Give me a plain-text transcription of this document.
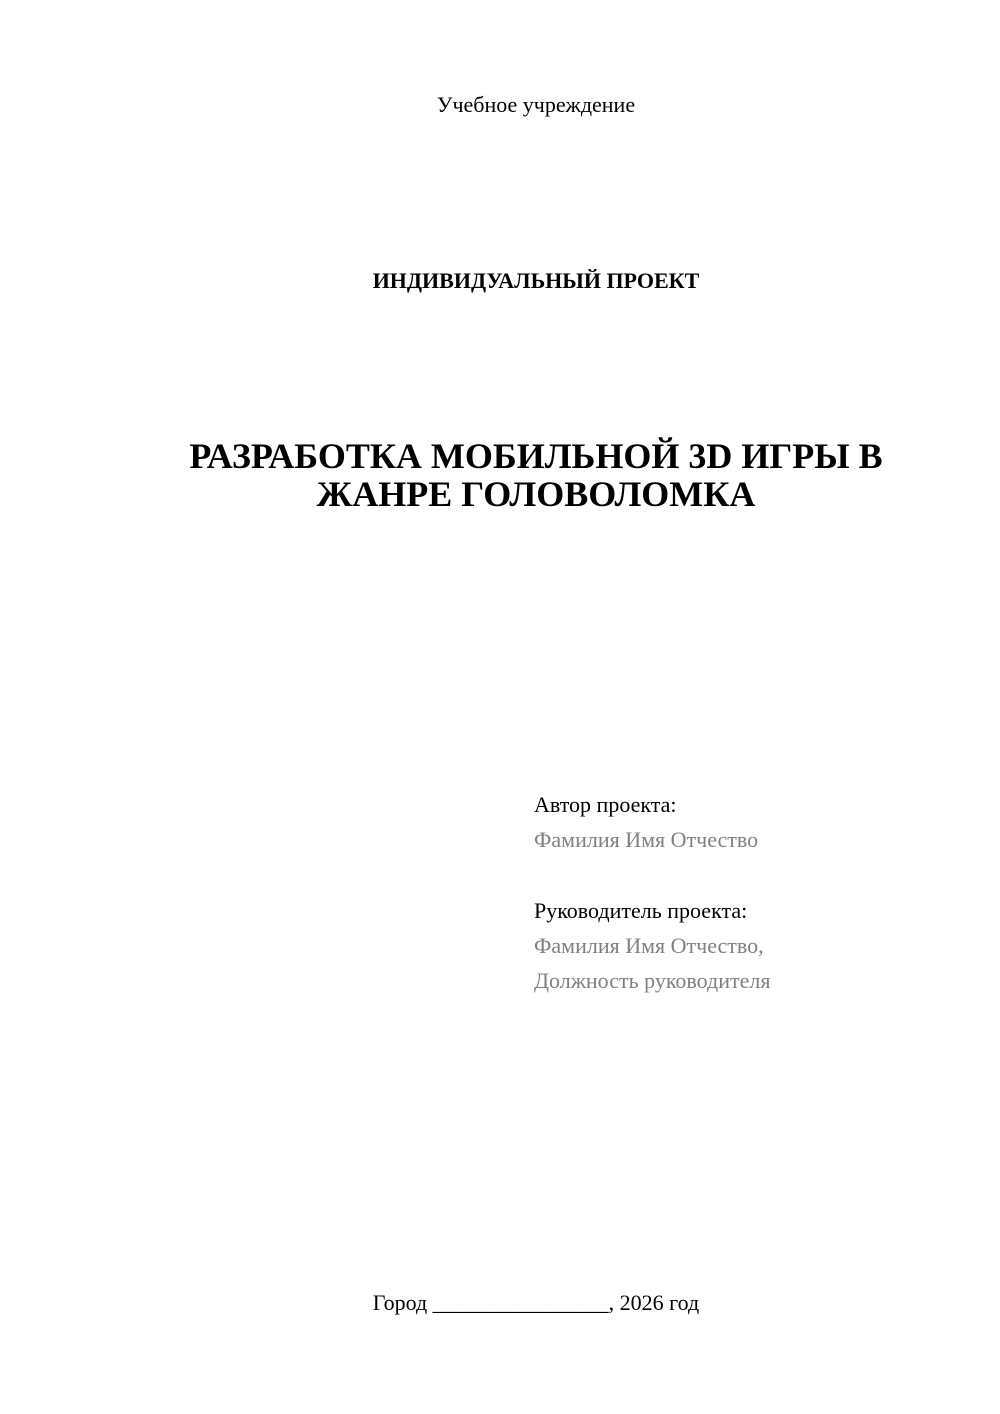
Учебное учреждение
ИНДИВИДУАЛЬНЫЙ ПРОЕКТ
РАЗРАБОТКА МОБИЛЬНОЙ 3D ИГРЫ В
ЖАНРЕ ГОЛОВОЛОМКА
Автор проекта:
Фамилия Имя Отчество
Руководитель проекта:
Фамилия Имя Отчество,
Должность руководителя
Город ________________, 2026 год
